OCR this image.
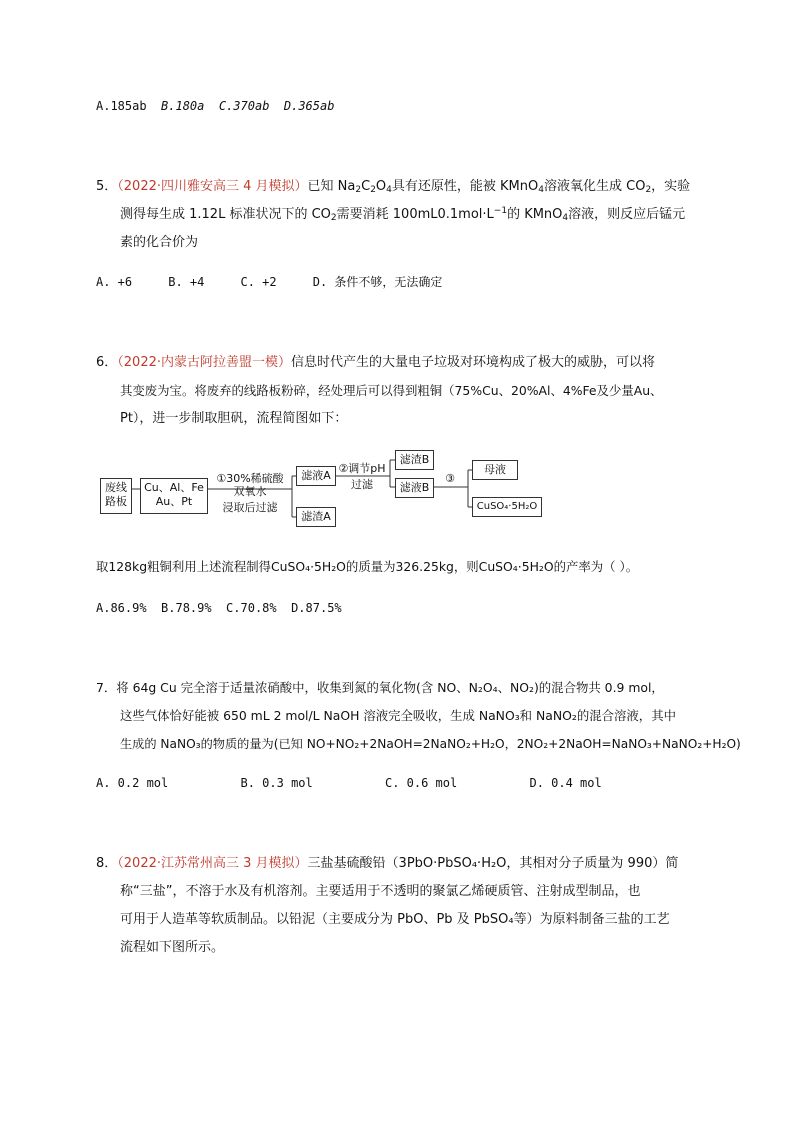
A.185ab B.180a C.370ab D.365ab
5．（2022·四川雅安高三 4 月模拟）已知 $Na_2C_2O_4$具有还原性，能被 KMnO$_4$溶液氧化生成 $CO_2$，实验
测得每生成 1.12L 标准状况下的 $CO_2$需要消耗 $100mL0.1mol\cdot L^{-1}$的 KMnO$_4$溶液，则反应后锰元
素的化合价为
A. +6     B. +4     C. +2     D. 条件不够，无法确定
6．（2022·内蒙古阿拉善盟一模）信息时代产生的大量电子垃圾对环境构成了极大的威胁，可以将
其变废为宝。将废弃的线路板粉碎，经处理后可以得到粗铜（75%Cu、20%Al、4%Fe及少量Au、
Pt），进一步制取胆矾，流程简图如下：
废线
路板
Cu、Al、Fe
Au、Pt
①30%稀硫酸
双氧水
浸取后过滤
滤液A
滤渣A
②调节pH
过滤
滤渣B
滤液B
③
母液
CuSO₄·5H₂O
取128kg粗铜利用上述流程制得CuSO₄·5H₂O的质量为326.25kg，则CuSO₄·5H₂O的产率为（ ）。
A.86.9%  B.78.9%  C.70.8%  D.87.5%
7．将 64g Cu 完全溶于适量浓硝酸中，收集到氮的氧化物(含 NO、N₂O₄、NO₂)的混合物共 0.9 mol，
这些气体恰好能被 650 mL 2 mol/L NaOH 溶液完全吸收，生成 NaNO₃和 NaNO₂的混合溶液，其中
生成的 NaNO₃的物质的量为(已知 NO+NO₂+2NaOH=2NaNO₂+H₂O，2NO₂+2NaOH=NaNO₃+NaNO₂+H₂O)
A. 0.2 mol          B. 0.3 mol          C. 0.6 mol          D. 0.4 mol
8．（2022·江苏常州高三 3 月模拟）三盐基硫酸铅（3PbO·PbSO₄·H₂O，其相对分子质量为 990）简
称“三盐”，不溶于水及有机溶剂。主要适用于不透明的聚氯乙烯硬质管、注射成型制品，也
可用于人造革等软质制品。以铅泥（主要成分为 PbO、Pb 及 PbSO₄等）为原料制备三盐的工艺
流程如下图所示。
